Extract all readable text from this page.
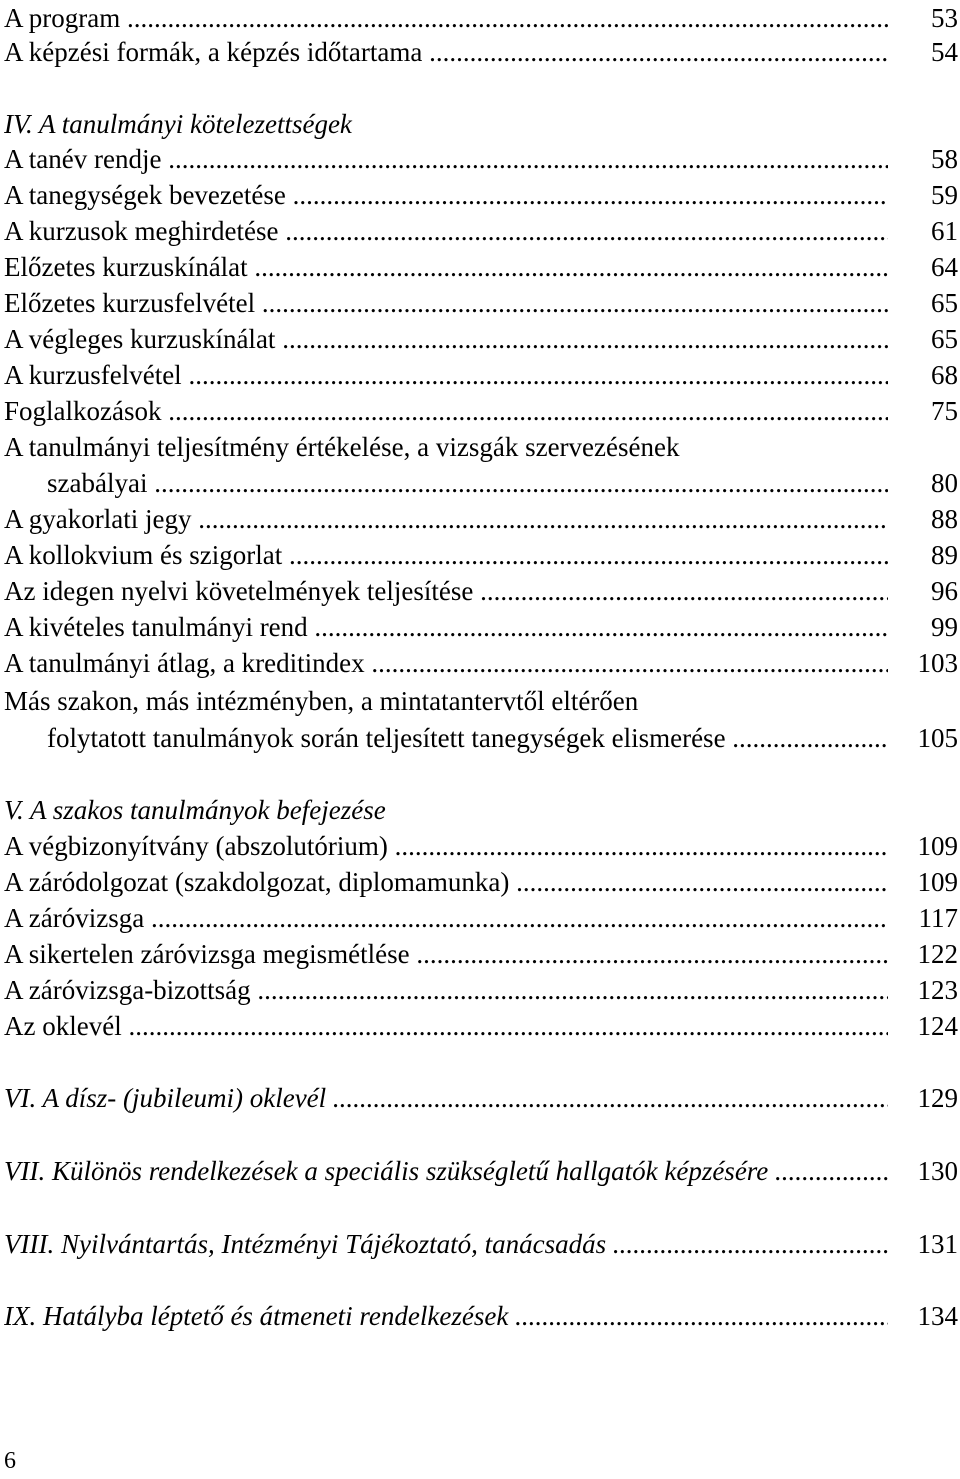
A program .....	53
A képzési formák, a képzés időtartama .....	54
IV. A tanulmányi kötelezettségek
A tanév rendje .....	58
A tanegységek bevezetése .....	59
A kurzusok meghirdetése .....	61
Előzetes kurzuskínálat .....	64
Előzetes kurzusfelvétel .....	65
A végleges kurzuskínálat .....	65
A kurzusfelvétel .....	68
Foglalkozások .....	75
A tanulmányi teljesítmény értékelése, a vizsgák szervezésének
szabályai .....	80
A gyakorlati jegy .....	88
A kollokvium és szigorlat .....	89
Az idegen nyelvi követelmények teljesítése .....	96
A kivételes tanulmányi rend .....	99
A tanulmányi átlag, a kreditindex .....	103
Más szakon, más intézményben, a mintatantervtől eltérően
folytatott tanulmányok során teljesített tanegységek elismerése .....	105
V. A szakos tanulmányok befejezése
A végbizonyítvány (abszolutórium) .....	109
A záródolgozat (szakdolgozat, diplomamunka) .....	109
A záróvizsga .....	117
A sikertelen záróvizsga megismétlése .....	122
A záróvizsga-bizottság .....	123
Az oklevél .....	124
VI. A dísz- (jubileumi) oklevél .....	129
VII. Különös rendelkezések a speciális szükségletű hallgatók képzésére .....	130
VIII. Nyilvántartás, Intézményi Tájékoztató, tanácsadás .....	131
IX. Hatályba léptető és átmeneti rendelkezések .....	134
6
